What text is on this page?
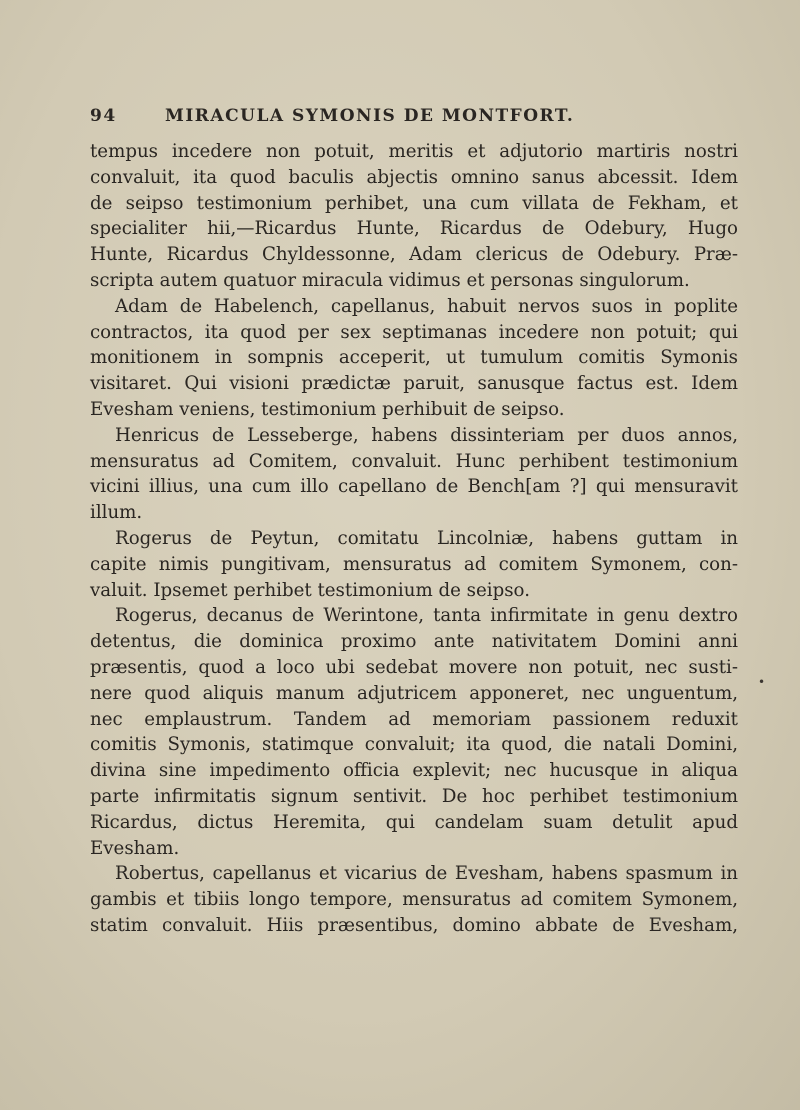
94	MIRACULA SYMONIS DE MONTFORT.
tempus incedere non potuit, meritis et adjutorio martiris nostri
convaluit, ita quod baculis abjectis omnino sanus abcessit. Idem
de seipso testimonium perhibet, una cum villata de Fekham, et
specialiter hii,—Ricardus Hunte, Ricardus de Odebury, Hugo
Hunte, Ricardus Chyldessonne, Adam clericus de Odebury. Præ-
scripta autem quatuor miracula vidimus et personas singulorum.
Adam de Habelench, capellanus, habuit nervos suos in poplite
contractos, ita quod per sex septimanas incedere non potuit; qui
monitionem in sompnis acceperit, ut tumulum comitis Symonis
visitaret. Qui visioni prædictæ paruit, sanusque factus est. Idem
Evesham veniens, testimonium perhibuit de seipso.
Henricus de Lesseberge, habens dissinteriam per duos annos,
mensuratus ad Comitem, convaluit. Hunc perhibent testimonium
vicini illius, una cum illo capellano de Bench[am ?] qui mensuravit
illum.
Rogerus de Peytun, comitatu Lincolniæ, habens guttam in
capite nimis pungitivam, mensuratus ad comitem Symonem, con-
valuit. Ipsemet perhibet testimonium de seipso.
Rogerus, decanus de Werintone, tanta infirmitate in genu dextro
detentus, die dominica proximo ante nativitatem Domini anni
præsentis, quod a loco ubi sedebat movere non potuit, nec susti-
nere quod aliquis manum adjutricem apponeret, nec unguentum,
nec emplaustrum. Tandem ad memoriam passionem reduxit
comitis Symonis, statimque convaluit; ita quod, die natali Domini,
divina sine impedimento officia explevit; nec hucusque in aliqua
parte infirmitatis signum sentivit. De hoc perhibet testimonium
Ricardus, dictus Heremita, qui candelam suam detulit apud
Evesham.
Robertus, capellanus et vicarius de Evesham, habens spasmum in
gambis et tibiis longo tempore, mensuratus ad comitem Symonem,
statim convaluit. Hiis præsentibus, domino abbate de Evesham,
•
